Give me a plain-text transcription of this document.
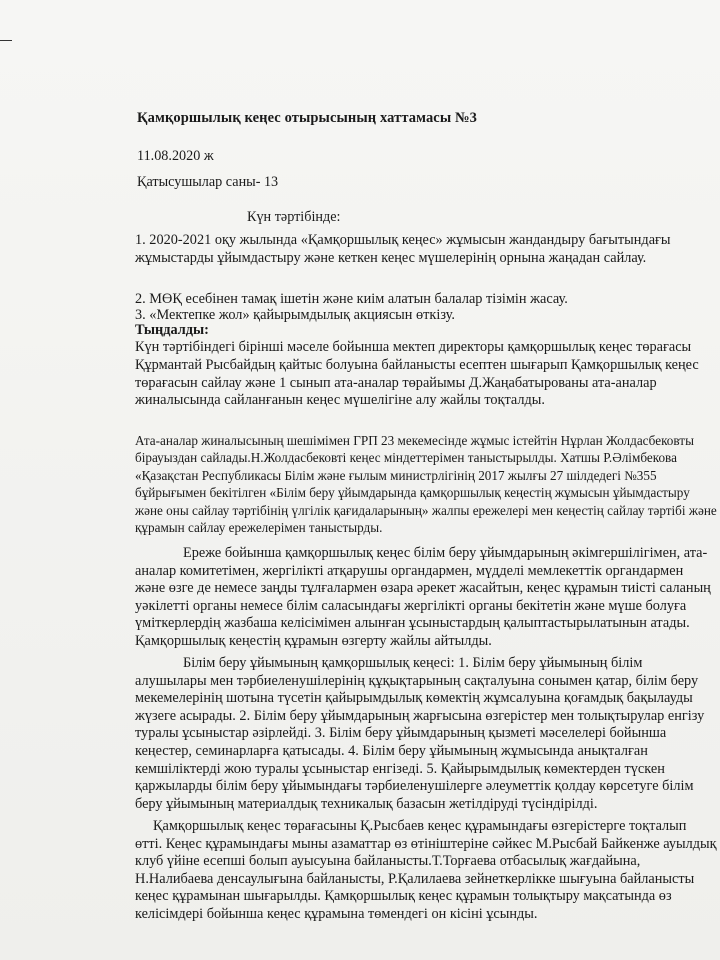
Қамқоршылық кеңес отырысының хаттамасы №3
11.08.2020 ж
Қатысушылар саны- 13
Күн тәртібінде:

1. 2020-2021 оқу жылында «Қамқоршылық кеңес» жұмысын жандандыру бағытындағы жұмыстарды ұйымдастыру және кеткен кеңес мүшелерінің орнына жаңадан сайлау.

2. МӨҚ есебінен тамақ ішетін және киім алатын балалар тізімін жасау.

3. «Мектепке жол» қайырымдылық акциясын өткізу.

Тыңдалды:

Күн тәртібіндегі бірінші мәселе бойынша мектеп директоры қамқоршылық кеңес төрағасы Құрмантай Рысбайдың қайтыс болуына байланысты есептен шығарып Қамқоршылық кеңес төрағасын сайлау және 1 сынып ата-аналар төрайымы Д.Жаңабатырованы ата-аналар жиналысында сайланғанын кеңес мүшелігіне алу жайлы тоқталды.

Ата-аналар жиналысының шешімімен ГРП 23 мекемесінде жұмыс істейтін Нұрлан Жолдасбековты бірауыздан сайлады.Н.Жолдасбековті кеңес міндеттерімен таныстырылды. Хатшы Р.Әлімбекова «Қазақстан Республикасы Білім және ғылым министрлігінің 2017 жылғы 27 шілдедегі №355 бұйрығымен бекітілген «Білім беру ұйымдарында қамқоршылық кеңестің жұмысын ұйымдастыру және оны сайлау тәртібінің үлгілік қағидаларының» жалпы ережелері мен кеңестің сайлау тәртібі және құрамын сайлау ережелерімен таныстырды.

Ереже бойынша қамқоршылық кеңес білім беру ұйымдарының әкімгершілігімен, ата-аналар комитетімен, жергілікті атқарушы органдармен, мүдделі мемлекеттік органдармен және өзге де немесе заңды тұлғалармен өзара әрекет жасайтын, кеңес құрамын тиісті саланың уәкілетті органы немесе білім саласындағы жергілікті органы бекітетін және мүше болуға үміткерлердің жазбаша келісімімен алынған ұсыныстардың қалыптастырылатынын атады. Қамқоршылық кеңестің құрамын өзгерту жайлы айтылды.

Білім беру ұйымының қамқоршылық кеңесі: 1. Білім беру ұйымының білім алушылары мен тәрбиеленушілерінің құқықтарының сақталуына сонымен қатар, білім беру мекемелерінің шотына түсетін қайырымдылық көмектің жұмсалуына қоғамдық бақылауды жүзеге асырады. 2. Білім беру ұйымдарының жарғысына өзгерістер мен толықтырулар енгізу туралы ұсыныстар әзірлейді. 3. Білім беру ұйымдарының қызметі мәселелері бойынша кеңестер, семинарларға қатысады. 4. Білім беру ұйымының жұмысында анықталған кемшіліктерді жою туралы ұсыныстар енгізеді. 5. Қайырымдылық көмектерден түскен қаржыларды білім беру ұйымындағы тәрбиеленушілерге әлеуметтік қолдау көрсетуге білім беру ұйымының материалдық техникалық базасын жетілдіруді түсіндірілді.

Қамқоршылық кеңес төрағасыны Қ.Рысбаев кеңес құрамындағы өзгерістерге тоқталып өтті. Кеңес құрамындағы мыны азаматтар өз өтініштеріне сәйкес М.Рысбай Байкенже ауылдық клуб үйіне есепші болып ауысуына байланысты.Т.Торғаева отбасылық жағдайына, Н.Налибаева денсаулығына байланысты, Р.Қалилаева зейнеткерлікке шығуына байланысты кеңес құрамынан шығарылды. Қамқоршылық кеңес құрамын толықтыру мақсатында өз келісімдері бойынша кеңес құрамына төмендегі он кісіні ұсынды.
